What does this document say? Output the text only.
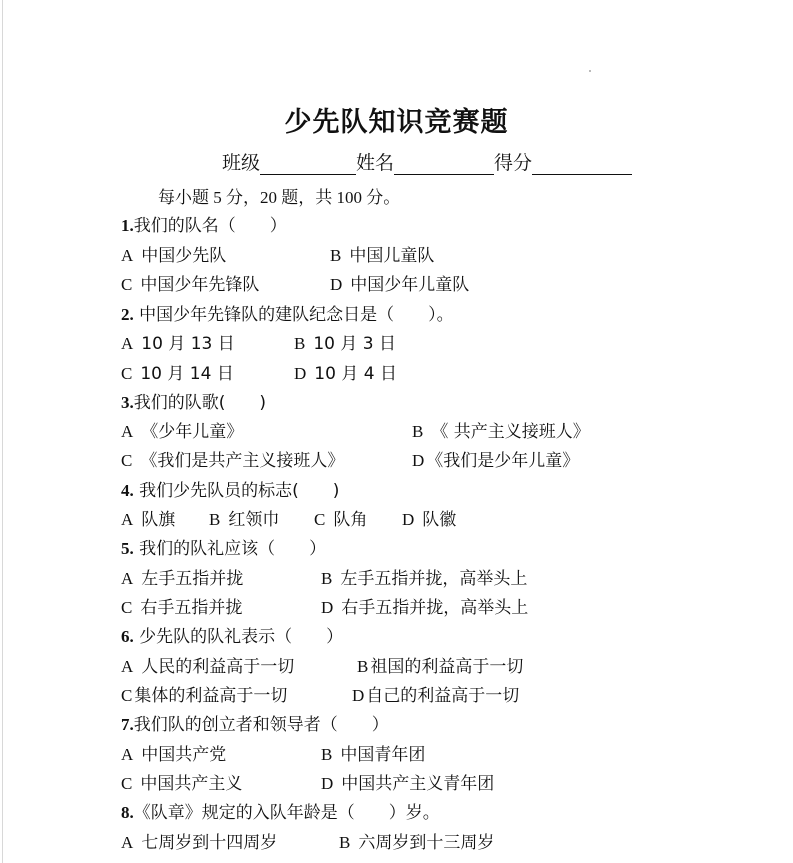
少先队知识竞赛题
班级	姓名	得分
每小题 5 分，20 题，共 100 分。
1.我们的队名（　　）
A 中国少先队	B 中国儿童队
C 中国少年先锋队	D 中国少年儿童队
2. 中国少年先锋队的建队纪念日是（　　）。
A 10 月 13 日	B 10 月 3 日
C 10 月 14 日	D 10 月 4 日
3.我们的队歌(　　)
A 《少年儿童》	B 《 共产主义接班人》
C 《我们是共产主义接班人》	D 《我们是少年儿童》
4. 我们少先队员的标志(　　)
A 队旗 B 红领巾 C 队角 D 队徽
5. 我们的队礼应该（　　）
A 左手五指并拢	B 左手五指并拢，高举头上
C 右手五指并拢	D 右手五指并拢，高举头上
6. 少先队的队礼表示（　　）
A 人民的利益高于一切	B 祖国的利益高于一切
C 集体的利益高于一切	D 自己的利益高于一切
7.我们队的创立者和领导者（　　）
A 中国共产党	B 中国青年团
C 中国共产主义	D 中国共产主义青年团
8.《队章》规定的入队年龄是（　　）岁。
A 七周岁到十四周岁	B 六周岁到十三周岁
